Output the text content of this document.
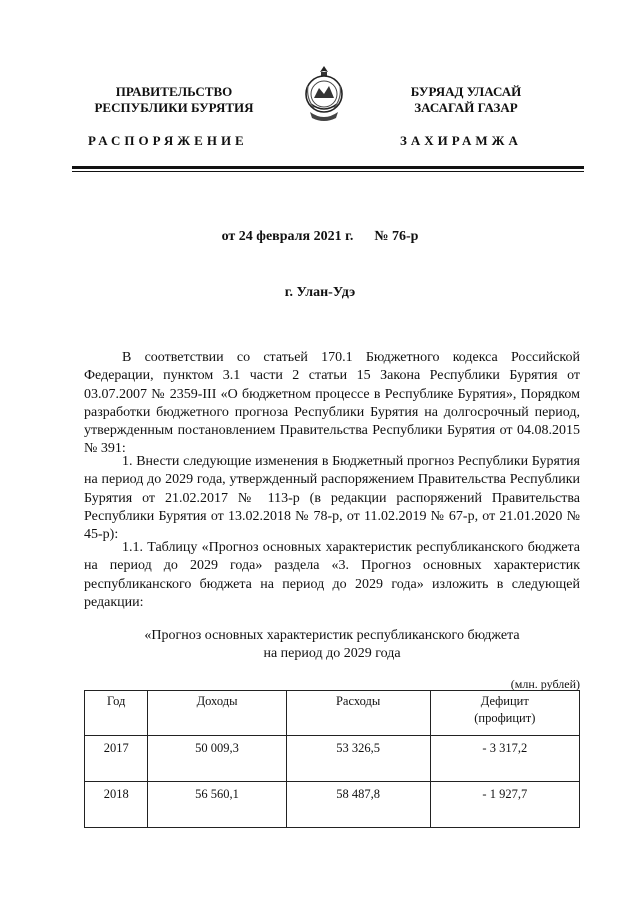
ПРАВИТЕЛЬСТВО
РЕСПУБЛИКИ БУРЯТИЯ
РАСПОРЯЖЕНИЕ
БУРЯАД УЛАСАЙ
ЗАСАГАЙ ГАЗАР
ЗАХИРАМЖА
от 24 февраля 2021 г. № 76-р
г. Улан-Удэ
В соответствии со статьей 170.1 Бюджетного кодекса Российской Федерации, пунктом 3.1 части 2 статьи 15 Закона Республики Бурятия от 03.07.2007 № 2359-III «О бюджетном процессе в Республике Бурятия», Порядком разработки бюджетного прогноза Республики Бурятия на долгосрочный период, утвержденным постановлением Правительства Республики Бурятия от 04.08.2015 № 391:
1. Внести следующие изменения в Бюджетный прогноз Республики Бурятия на период до 2029 года, утвержденный распоряжением Правительства Республики Бурятия от 21.02.2017 № 113-р (в редакции распоряжений Правительства Республики Бурятия от 13.02.2018 № 78-р, от 11.02.2019 № 67-р, от 21.01.2020 № 45-р):
1.1. Таблицу «Прогноз основных характеристик республиканского бюджета на период до 2029 года» раздела «3. Прогноз основных характеристик республиканского бюджета на период до 2029 года» изложить в следующей редакции:
«Прогноз основных характеристик республиканского бюджета
на период до 2029 года
(млн. рублей)
Год	Доходы	Расходы	Дефицит
(профицит)

2017	50 009,3	53 326,5	- 3 317,2
2018	56 560,1	58 487,8	- 1 927,7
